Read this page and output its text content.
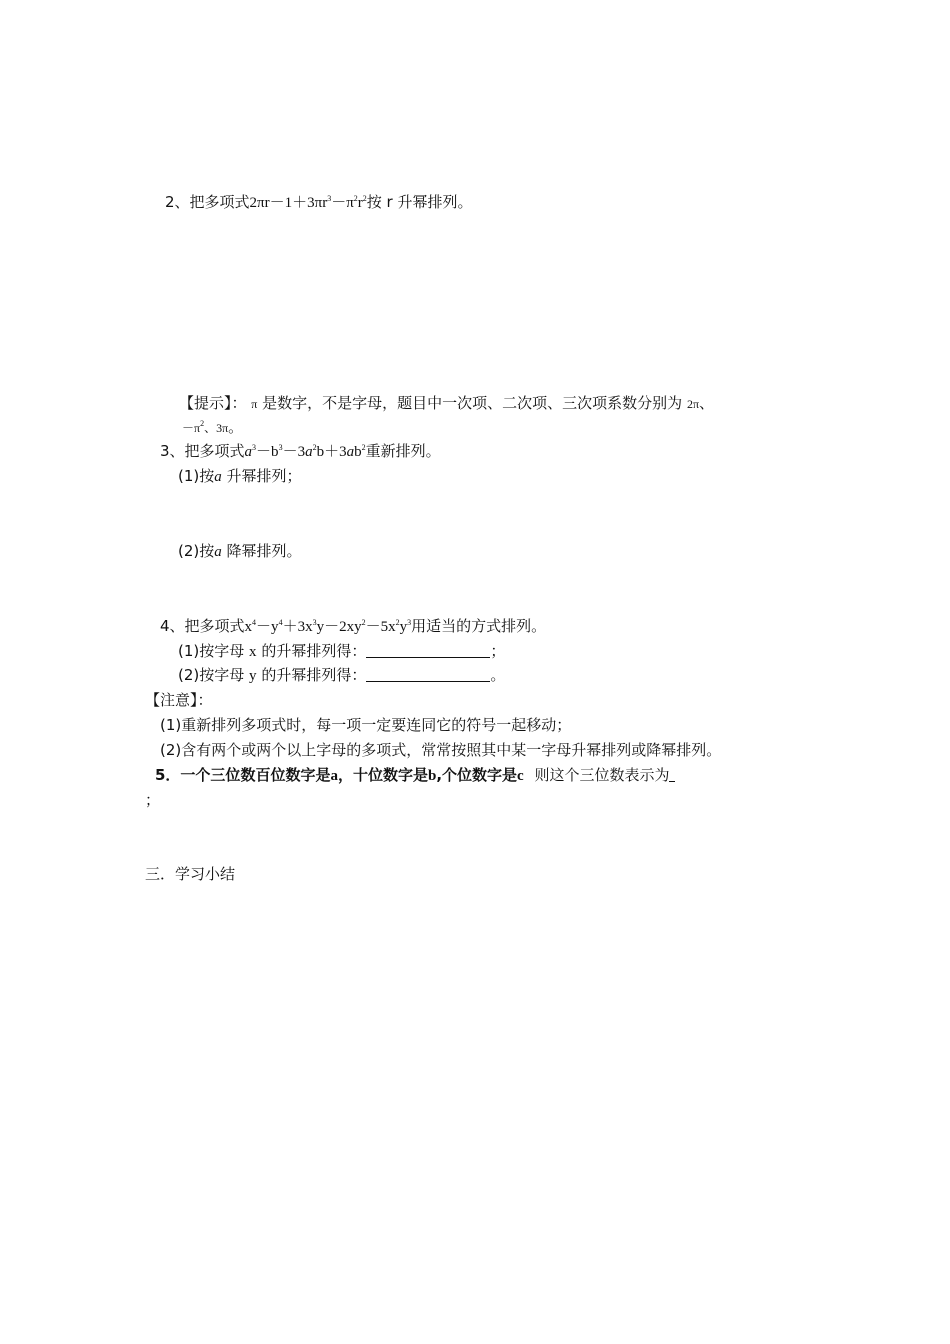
2、把多项式$2\pi r-1+3\pi r^3-\pi^2r^2$按 r 升幂排列。
【提示】： π 是数字，不是字母，题目中一次项、二次项、三次项系数分别为 2π、
$-\pi^2$、3π。
3、把多项式$a^3-b^3-3a^2b+3ab^2$重新排列。
(1)按a 升幂排列；
(2)按a 降幂排列。
4、把多项式$x^4-y^4+3x^3y-2xy^2-5x^2y^3$用适当的方式排列。
(1)按字母 x 的升幂排列得：	；
(2)按字母 y 的升幂排列得：	。
【注意】：
(1)重新排列多项式时，每一项一定要连同它的符号一起移动；
(2)含有两个或两个以上字母的多项式，常常按照其中某一字母升幂排列或降幂排列。
5．一个三位数百位数字是a，十位数字是b,个位数字是c 则这个三位数表示为
；
三．学习小结
